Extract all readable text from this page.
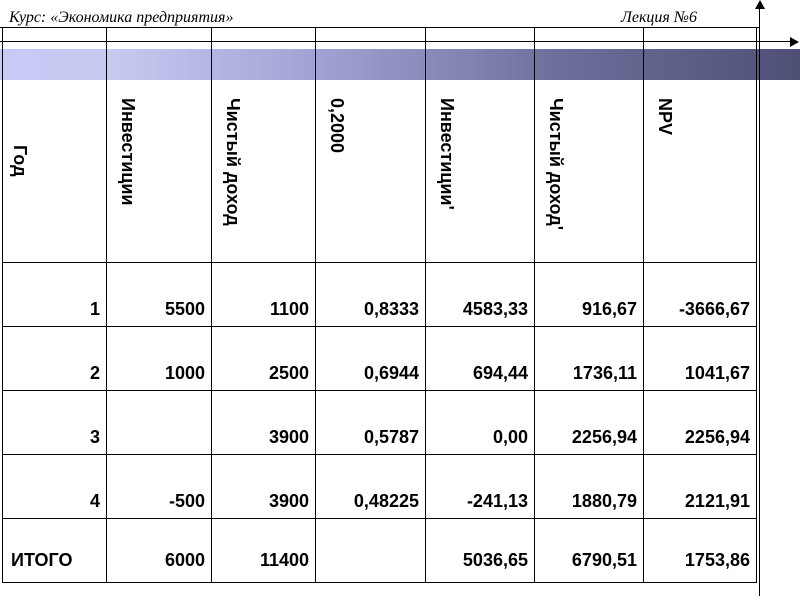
Курс: «Экономика предприятия»	Лекция №6

Год	Инвестиции	Чистый доход	0,2000	Инвестиции'	Чистый доход'	NPV

1	5500	1100	0,8333	4583,33	916,67	-3666,67
2	1000	2500	0,6944	694,44	1736,11	1041,67
3		3900	0,5787	0,00	2256,94	2256,94
4	-500	3900	0,48225	-241,13	1880,79	2121,91
ИТОГО	6000	11400		5036,65	6790,51	1753,86
